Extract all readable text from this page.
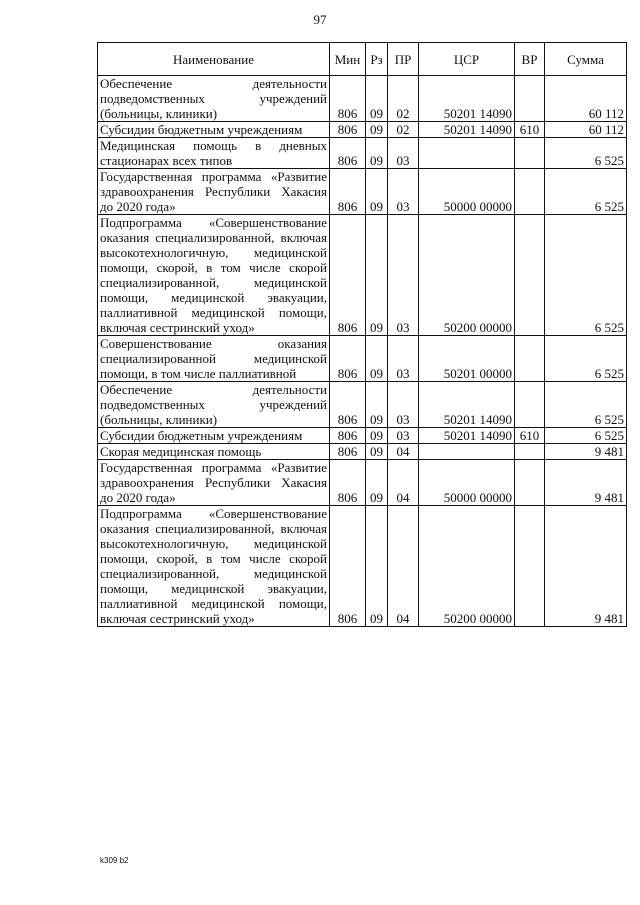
97
Наименование	Мин	Рз	ПР	ЦСР	ВР	Сумма
Обеспечение деятельности подведомственных учреждений (больницы, клиники)	806	09	02	50201 14090		60 112
Субсидии бюджетным учреждениям	806	09	02	50201 14090	610	60 112
Медицинская помощь в дневных стационарах всех типов	806	09	03			6 525
Государственная программа «Развитие здравоохранения Республики Хакасия до 2020 года»	806	09	03	50000 00000		6 525
Подпрограмма «Совершенствование оказания специализированной, включая высокотехнологичную, медицинской помощи, скорой, в том числе скорой специализированной, медицинской помощи, медицинской эвакуации, паллиативной медицинской помощи, включая сестринский уход»	806	09	03	50200 00000		6 525
Совершенствование оказания специализированной медицинской помощи, в том числе паллиативной	806	09	03	50201 00000		6 525
Обеспечение деятельности подведомственных учреждений (больницы, клиники)	806	09	03	50201 14090		6 525
Субсидии бюджетным учреждениям	806	09	03	50201 14090	610	6 525
Скорая медицинская помощь	806	09	04			9 481
Государственная программа «Развитие здравоохранения Республики Хакасия до 2020 года»	806	09	04	50000 00000		9 481
Подпрограмма «Совершенствование оказания специализированной, включая высокотехнологичную, медицинской помощи, скорой, в том числе скорой специализированной, медицинской помощи, медицинской эвакуации, паллиативной медицинской помощи, включая сестринский уход»	806	09	04	50200 00000		9 481
k309 b2
